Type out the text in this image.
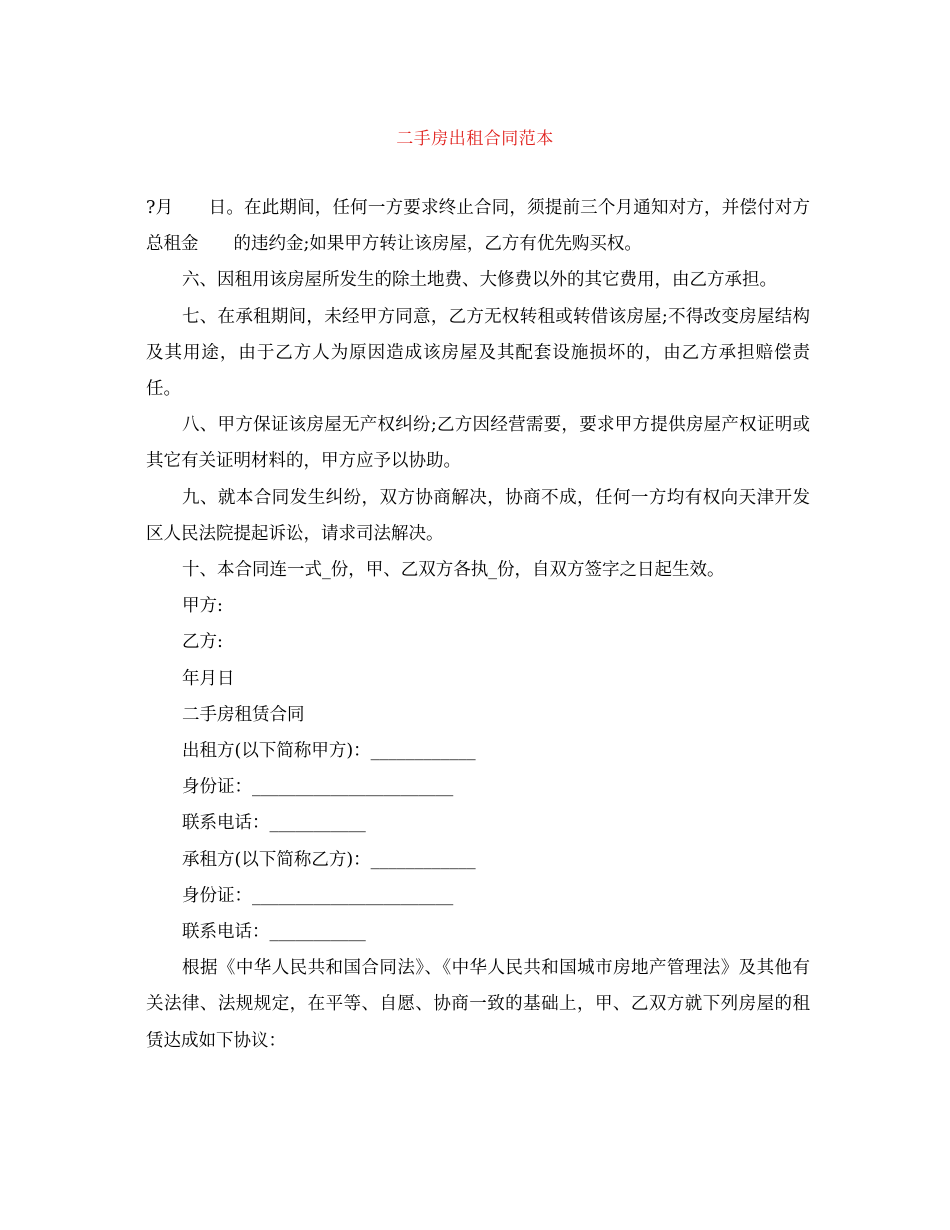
二手房出租合同范本

?月　　日。在此期间，任何一方要求终止合同，须提前三个月通知对方，并偿付对方总租金　　的违约金;如果甲方转让该房屋，乙方有优先购买权。

六、因租用该房屋所发生的除土地费、大修费以外的其它费用，由乙方承担。

七、在承租期间，未经甲方同意，乙方无权转租或转借该房屋;不得改变房屋结构及其用途，由于乙方人为原因造成该房屋及其配套设施损坏的，由乙方承担赔偿责任。

八、甲方保证该房屋无产权纠纷;乙方因经营需要，要求甲方提供房屋产权证明或其它有关证明材料的，甲方应予以协助。

九、就本合同发生纠纷，双方协商解决，协商不成，任何一方均有权向天津开发区人民法院提起诉讼，请求司法解决。

十、本合同连一式_份，甲、乙双方各执_份，自双方签字之日起生效。

甲方:

乙方:

年月日

二手房租赁合同

出租方(以下简称甲方)：____________

身份证：_______________________

联系电话：___________

承租方(以下简称乙方)：____________

身份证：_______________________

联系电话：___________

根据《中华人民共和国合同法》、《中华人民共和国城市房地产管理法》及其他有关法律、法规规定，在平等、自愿、协商一致的基础上，甲、乙双方就下列房屋的租赁达成如下协议：
